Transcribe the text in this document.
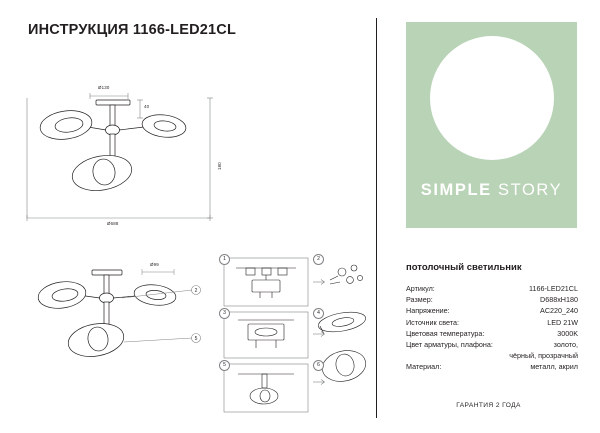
ИНСТРУКЦИЯ 1166-LED21CL
Ø130
40
180
Ø688
2
5
1	2
3	4
5	6
Ø99
SIMPLE STORY
потолочный светильник
Артикул:	1166-LED21CL
Размер:	D688xH180
Напряжение:	AC220_240
Источник света:	LED 21W
Цветовая температура:	3000K
Цвет арматуры, плафона:	золото,
чёрный, прозрачный
Материал:	металл, акрил
ГАРАНТИЯ 2 ГОДА
